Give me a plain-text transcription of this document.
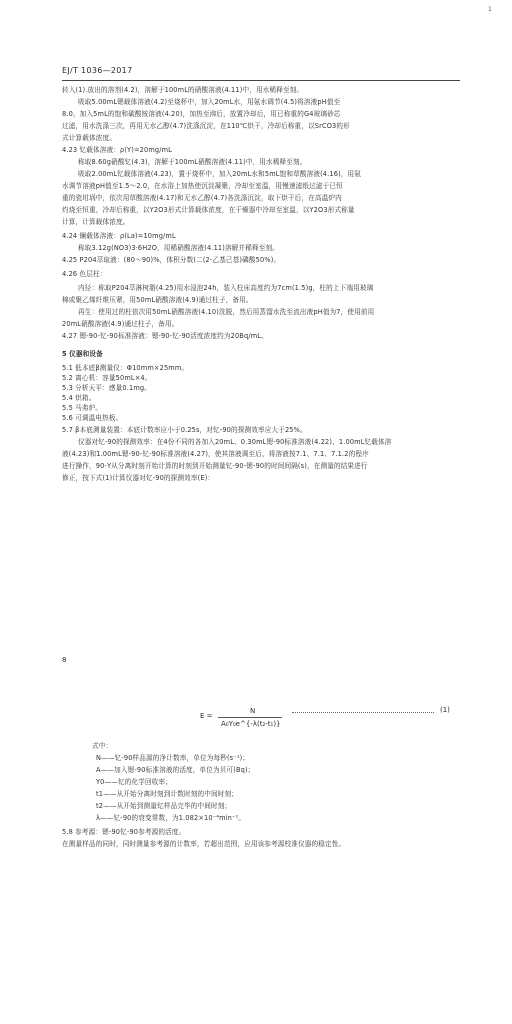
1
EJ/T 1036—2017
转入(1).放出的溶剂(4.2)，溶解于100mL的硝酸溶液(4.11)中，用水稀释至刻。
吸取5.00mL锶载体溶液(4.2)至烧杯中，加入20mL水，用氨水调节(4.5)将溶液pH值至
8.0，加入5mL的饱和碳酸铵溶液(4.20)，加热至沸后，放置冷却后，用已称重的G4玻璃砂芯
过滤，用水洗涤三次，再用无水乙醇(4.7)洗涤沉淀，在110℃烘干，冷却后称重，以SrCO3的形
式计算载体浓度。
4.23 钇载体溶液：ρ(Y)=20mg/mL
称取8.60g硝酸钇(4.3)，溶解于100mL硝酸溶液(4.11)中，用水稀释至刻。
吸取2.00mL钇载体溶液(4.23)，置于烧杯中，加入20mL水和5mL饱和草酸溶液(4.16)，用氨
水调节溶液pH值至1.5～2.0，在水浴上加热使沉淀凝聚，冷却至室温，用慢速滤纸过滤于已恒
重的瓷坩埚中，依次用草酸溶液(4.17)和无水乙醇(4.7)各洗涤沉淀，取下烘干后，在高温炉内
灼烧至恒重，冷却后称重，以Y2O3形式计算载体浓度，在干燥器中冷却至室温，以Y2O3形式称量
计算，计算载体浓度。
4.24 镧载体溶液：ρ(La)=10mg/mL
称取3.12g(NO3)3·6H2O，用稀硝酸溶液(4.11)溶解并稀释至刻。
4.25 P204萃取液：(80～90)%，体积分数(二(2-乙基己基)磷酸50%)。
4.26 色层柱：
内径：称取P204萃淋树脂(4.25)用水浸泡24h，装入柱床高度约为7cm(1.5)g，柱的上下端用玻璃
棉或聚乙烯纤维压紧，用50mL硝酸溶液(4.9)通过柱子，备用。
再生：使用过的柱依次用50mL硝酸溶液(4.10)洗脱，然后用蒸馏水洗至流出液pH值为7，使用前用
20mL硝酸溶液(4.9)通过柱子，备用。
4.27 锶-90-钇-90标准溶液：锶-90-钇-90活度浓度约为20Bq/mL。
5 仪器和设备
5.1 低本底β测量仪：Φ10mm×25mm。
5.2 离心机：容量50mL×4。
5.3 分析天平：感量0.1mg。
5.4 烘箱。
5.5 马弗炉。
5.6 可调温电热板。
5.7 β本底测量装置：本底计数率应小于0.25s，对钇-90的探测效率应大于25%。
仪器对钇-90的探测效率：在4份不同的各加入20mL、0.30mL锶-90标准溶液(4.22)、1.00mL钇载体溶
液(4.23)和1.00mL锶-90-钇-90标准溶液(4.27)，使其溶液调至后，将溶液按7.1、7.1、7.1.2的程序
进行操作，90-Y从分离时刻开始计算的时刻到开始测量钇-90-锶-90的时间间隔(s)，在测量的结果进行
修正，按下式(1)计算仪器对钇-90的探测效率(E)：
式中：
N——钇-90样品源的净计数率，单位为每秒(s⁻¹)；
A——加入锶-90标准溶液的活度，单位为贝可(Bq)；
Y0——钇的化学回收率；
t1——从开始分离时刻到计数时刻的中间时刻；
t2——从开始到测量钇样品完毕的中间时刻；
λ——钇-90的衰变常数，为1.082×10⁻⁴min⁻¹。
5.8 参考源：锶-90钇-90参考源的活度。
在测量样品的同时，同时测量参考源的计数率，若超出范围，应用该参考源校准仪器的稳定性。
E =
N
A₀Y₀e^{-λ(t₂-t₁)}
(1)
8
